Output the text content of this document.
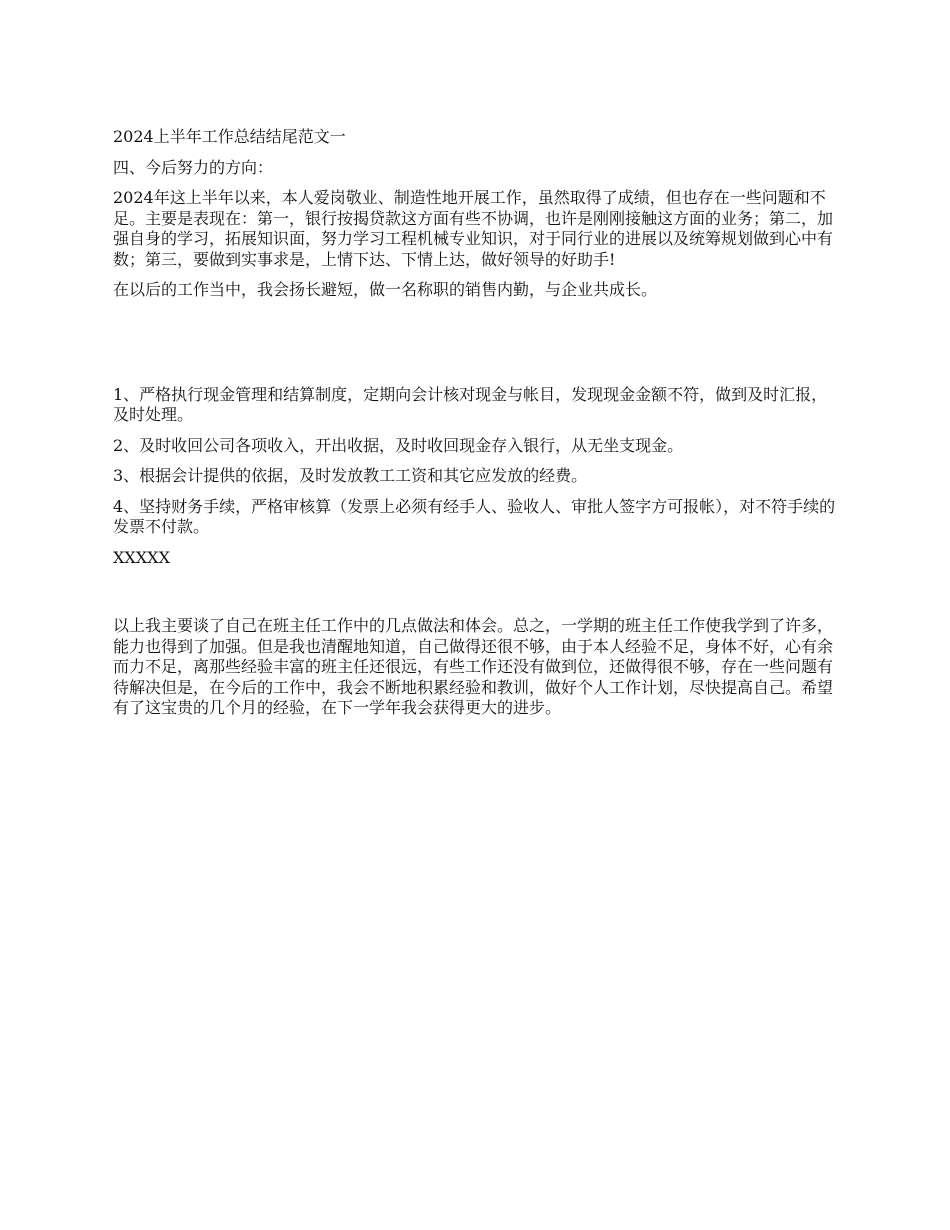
2024上半年工作总结结尾范文一

四、今后努力的方向：

2024年这上半年以来，本人爱岗敬业、制造性地开展工作，虽然取得了成绩，但也存在一些问题和不足。主要是表现在：第一，银行按揭贷款这方面有些不协调，也许是刚刚接触这方面的业务；第二，加强自身的学习，拓展知识面，努力学习工程机械专业知识，对于同行业的进展以及统筹规划做到心中有数；第三，要做到实事求是，上情下达、下情上达，做好领导的好助手!

在以后的工作当中，我会扬长避短，做一名称职的销售内勤，与企业共成长。

1、严格执行现金管理和结算制度，定期向会计核对现金与帐目，发现现金金额不符，做到及时汇报，及时处理。

2、及时收回公司各项收入，开出收据，及时收回现金存入银行，从无坐支现金。

3、根据会计提供的依据，及时发放教工工资和其它应发放的经费。

4、坚持财务手续，严格审核算（发票上必须有经手人、验收人、审批人签字方可报帐），对不符手续的发票不付款。

XXXXX

以上我主要谈了自己在班主任工作中的几点做法和体会。总之，一学期的班主任工作使我学到了许多，能力也得到了加强。但是我也清醒地知道，自己做得还很不够，由于本人经验不足，身体不好，心有余而力不足，离那些经验丰富的班主任还很远，有些工作还没有做到位，还做得很不够，存在一些问题有待解决但是，在今后的工作中，我会不断地积累经验和教训，做好个人工作计划，尽快提高自己。希望有了这宝贵的几个月的经验，在下一学年我会获得更大的进步。
